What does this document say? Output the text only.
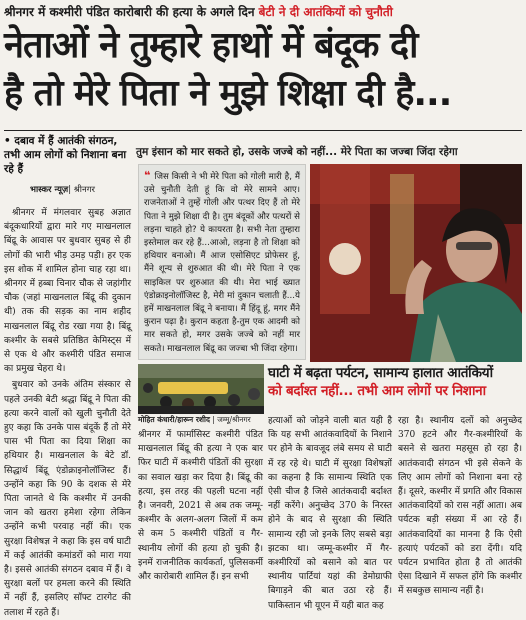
श्रीनगर में कश्मीरी पंडित कारोबारी की हत्या के अगले दिन बेटी ने दी आतंकियों को चुनौती
नेताओं ने तुम्हारे हाथों में बंदूक दी
है तो मेरे पिता ने मुझे शिक्षा दी है...
• दबाव में हैं आतंकी संगठन, तभी आम लोगों को निशाना बना रहे हैं
भास्कर न्यूज़| श्रीनगर
तुम इंसान को मार सकते हो, उसके जज्बे को नहीं... मेरे पिता का जज्बा जिंदा रहेगा

श्रीनगर में मंगलवार सुबह अज्ञात बंदूकधारियों द्वारा मारे गए माखनलाल बिंद्रू के आवास पर बुधवार सुबह से ही लोगों की भारी भीड़ उमड़ पड़ी। हर एक इस शोक में शामिल होना चाह रहा था। श्रीनगर में हब्बा चिनार चौक से जहांगीर चौक (जहां माखनलाल बिंद्रू की दुकान थी) तक की सड़क का नाम शहीद माखनलाल बिंद्रू रोड रखा गया है। बिंद्रू कश्मीर के सबसे प्रतिष्ठित केमिस्ट्स में से एक थे और कश्मीरी पंडित समाज का प्रमुख चेहरा थे।

बुधवार को उनके अंतिम संस्कार से पहले उनकी बेटी श्रद्धा बिंद्रू ने पिता की हत्या करने वालों को खुली चुनौती देते हुए कहा कि उनके पास बंदूकें हैं तो मेरे पास भी पिता का दिया शिक्षा का हथियार है। माखनलाल के बेटे डॉ. सिद्धार्थ बिंद्रू एंडोक्राइनोलॉजिस्ट हैं। उन्होंने कहा कि 90 के दशक से मेरे पिता जानते थे कि कश्मीर में उनकी जान को खतरा हमेशा रहेगा लेकिन उन्होंने कभी परवाह नहीं की। एक सुरक्षा विशेषज्ञ ने कहा कि इस वर्ष घाटी में कई आतंकी कमांडरों को मारा गया है। इससे आतंकी संगठन दबाव में हैं। वे सुरक्षा बलों पर हमला करने की स्थिति में नहीं हैं, इसलिए सॉफ्ट टारगेट की तलाश में रहते हैं।

❝ जिस किसी ने भी मेरे पिता को गोली मारी है, मैं उसे चुनौती देती हूं कि वो मेरे सामने आए। राजनेताओं ने तुम्हें गोली और पत्थर दिए हैं तो मेरे पिता ने मुझे शिक्षा दी है। तुम बंदूकों और पत्थरों से लड़ना चाहते हो? ये कायरता है। सभी नेता तुम्हारा इस्तेमाल कर रहे हैं...आओ, लड़ना है तो शिक्षा को हथियार बनाओ। मैं आज एसोसिएट प्रोफेसर हूं, मैंने शून्य से शुरुआत की थी। मेरे पिता ने एक साइकिल पर शुरुआत की थी। मेरा भाई ख्यात एंडोक्राइनोलॉजिस्ट है, मेरी मां दुकान चलाती हैं...ये हमें माखनलाल बिंद्रू ने बनाया। मैं हिंदू हूं, मगर मैंने कुरान पढ़ा है। कुरान कहता है-तुम एक आदमी को मार सकते हो, मगर उसके जज्बे को नहीं मार सकते। माखनलाल बिंद्रू का जज्बा भी जिंदा रहेगा।
मोहित कंधारी/हारून रशीद | जम्मू/श्रीनगर
घाटी में बढ़ता पर्यटन, सामान्य हालात आतंकियों
को बर्दाश्त नहीं... तभी आम लोगों पर निशाना

श्रीनगर में फार्मासिस्ट कश्मीरी पंडित माखनलाल बिंद्रू की हत्या ने एक बार फिर घाटी में कश्मीरी पंडितों की सुरक्षा का सवाल खड़ा कर दिया है। बिंद्रू की हत्या, इस तरह की पहली घटना नहीं है। जनवरी, 2021 से अब तक जम्मू-कश्मीर के अलग-अलग जिलों में कम से कम 5 कश्मीरी पंडितों व गैर-स्थानीय लोगों की हत्या हो चुकी है। इनमें राजनीतिक कार्यकर्ता, पुलिसकर्मी और कारोबारी शामिल हैं। इन सभी

हत्याओं को जोड़ने वाली बात यही है कि यह सभी आतंकवादियों के निशाने पर होने के बावजूद लंबे समय से घाटी में रह रहे थे। घाटी में सुरक्षा विशेषज्ञों का कहना है कि सामान्य स्थिति एक ऐसी चीज है जिसे आतंकवादी बर्दाश्त नहीं करेंगे। अनुच्छेद 370 के निरस्त होने के बाद से सुरक्षा की स्थिति सामान्य रही जो इनके लिए सबसे बड़ा झटका था। जम्मू-कश्मीर में गैर-कश्मीरियों को बसाने को बात पर स्थानीय पार्टियां यहां की डेमोग्राफी बिगाड़ने की बात उठा रहे हैं। पाकिस्तान भी यूएन में यही बात कह

रहा है। स्थानीय दलों को अनुच्छेद 370 हटने और गैर-कश्मीरियों के बसने से खतरा महसूस हो रहा है। आतंकवादी संगठन भी इसे सेकने के लिए आम लोगों को निशाना बना रहे हैं। दूसरे, कश्मीर में प्रगति और विकास आतंकवादियों को रास नहीं आता। अब पर्यटक बड़ी संख्या में आ रहे हैं। आतंकवादियों का मानना है कि ऐसी हत्याएं पर्यटकों को डरा देंगी। यदि पर्यटन प्रभावित होता है तो आतंकी ऐसा दिखाने में सफल होंगे कि कश्मीर में सबकुछ सामान्य नहीं है।
